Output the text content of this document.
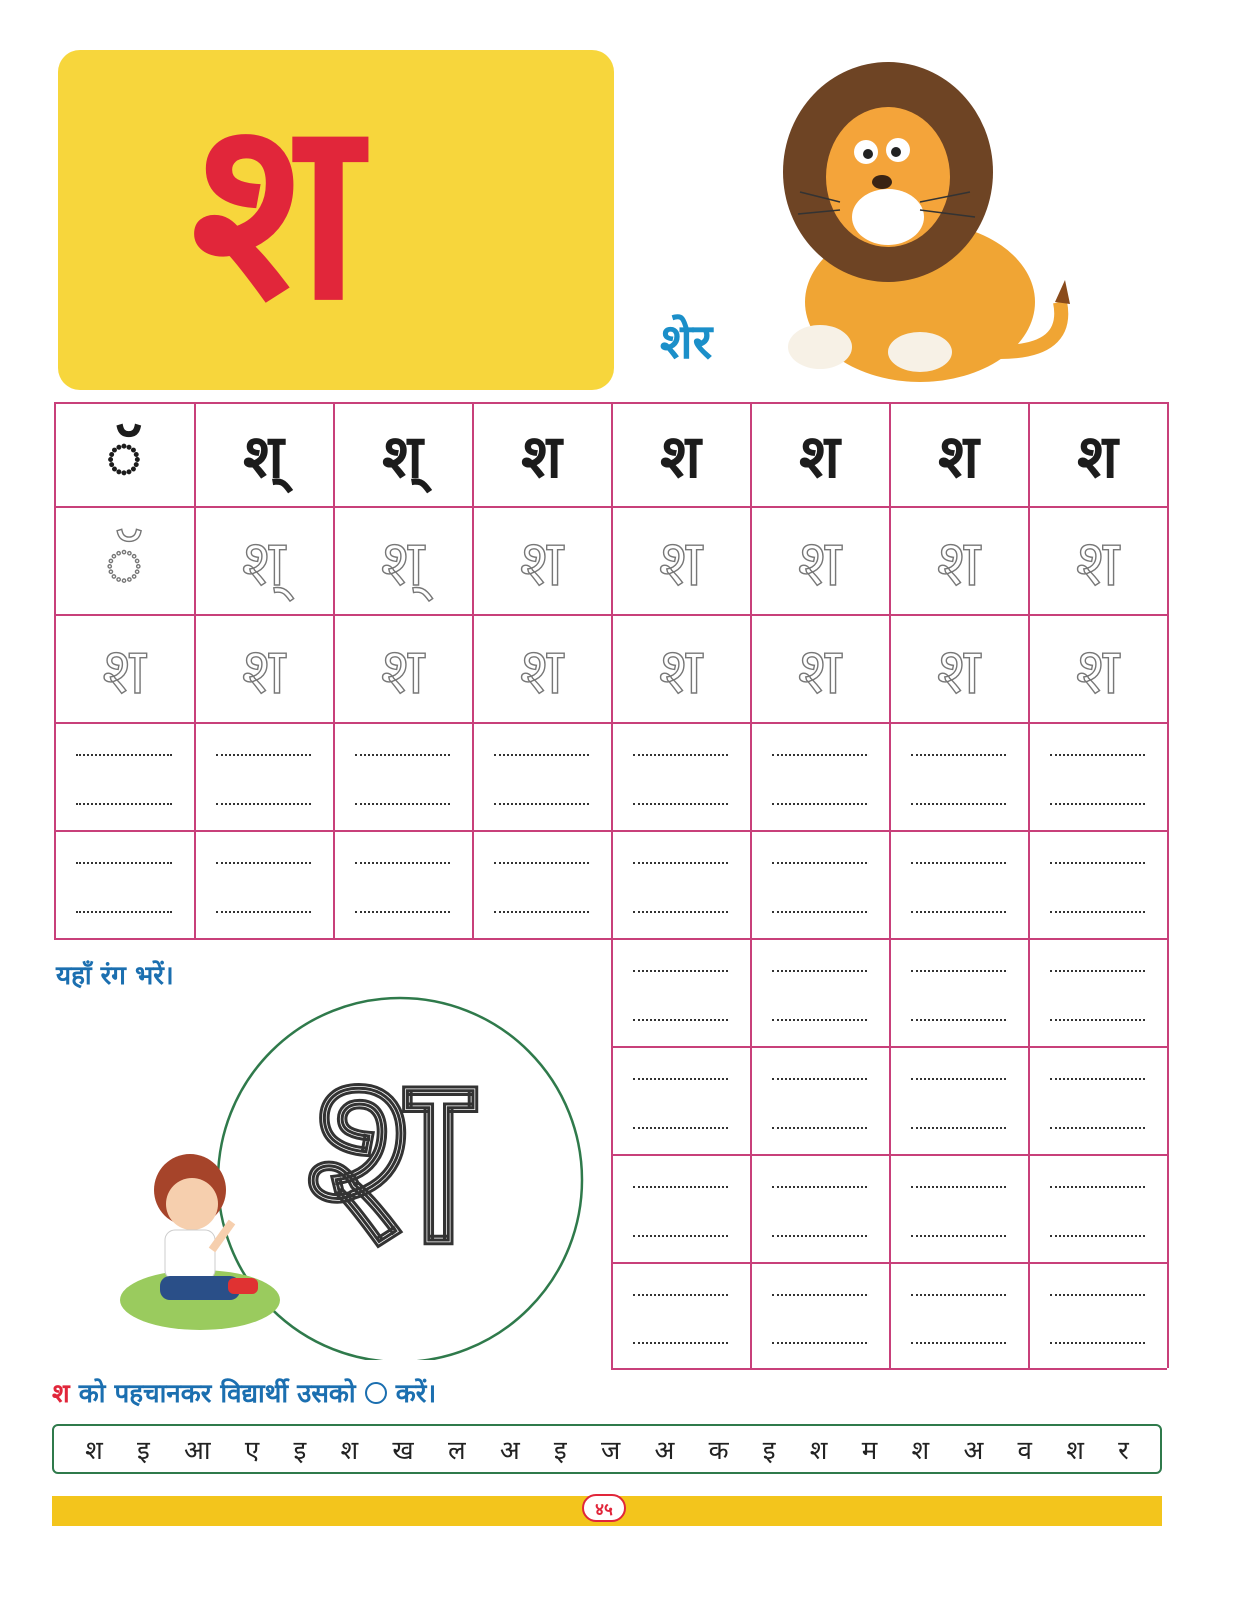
श	शेर
ॅ श् श् श श श श श
ॅ श् श् श श श श श
श श श श श श श श
यहाँ रंग भरें।
श
श को पहचानकर विद्यार्थी उसको  करें।
श इ आ ए इ श ख ल अ इ ज अ क इ श म श अ व श र
४५
